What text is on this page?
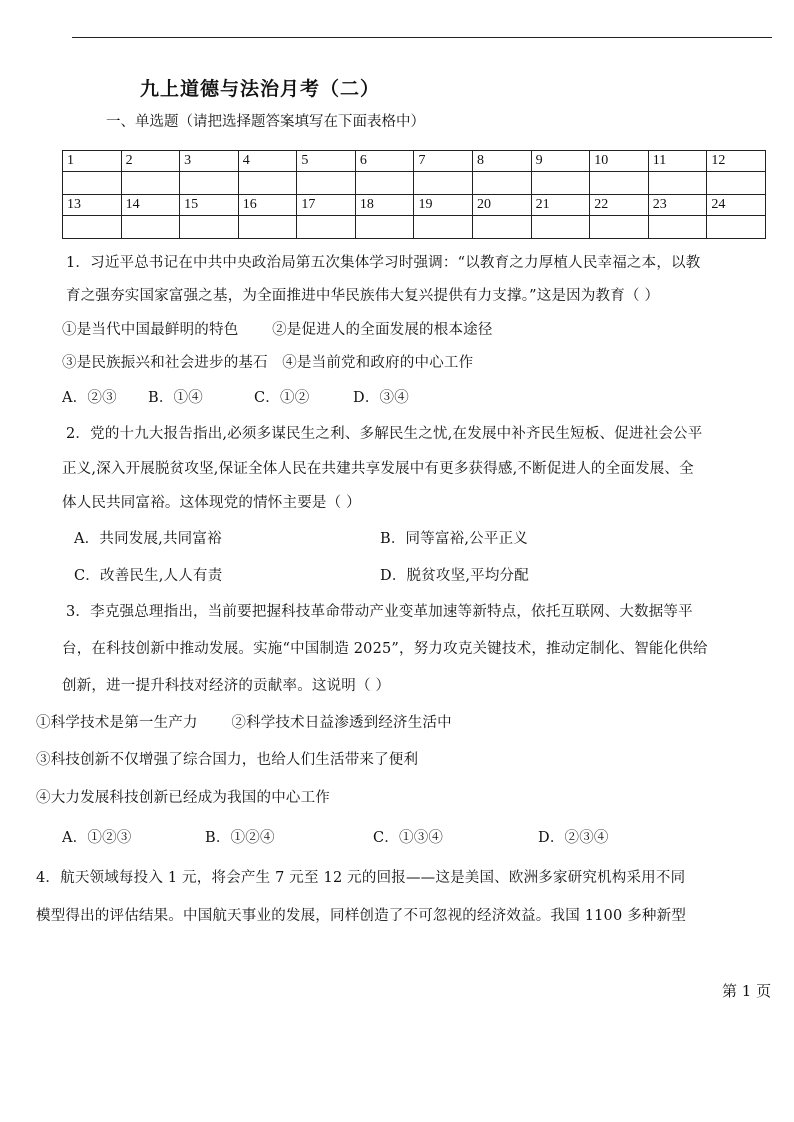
九上道德与法治月考（二）
一、单选题（请把选择题答案填写在下面表格中）
1	2	3	4	5	6	7	8	9	10	11	12

13	14	15	16	17	18	19	20	21	22	23	24

1．习近平总书记在中共中央政治局第五次集体学习时强调：“以教育之力厚植人民幸福之本，以教
育之强夯实国家富强之基，为全面推进中华民族伟大复兴提供有力支撑。”这是因为教育（ ）
①是当代中国最鲜明的特色       ②是促进人的全面发展的根本途径
③是民族振兴和社会进步的基石   ④是当前党和政府的中心工作
A．②③ B．①④	C．①②	D．③④
2．党的十九大报告指出,必须多谋民生之利、多解民生之忧,在发展中补齐民生短板、促进社会公平
正义,深入开展脱贫攻坚,保证全体人民在共建共享发展中有更多获得感,不断促进人的全面发展、全
体人民共同富裕。这体现党的情怀主要是（ ）
A．共同发展,共同富裕	B．同等富裕,公平正义
C．改善民生,人人有责	D．脱贫攻坚,平均分配
3．李克强总理指出，当前要把握科技革命带动产业变革加速等新特点，依托互联网、大数据等平
台，在科技创新中推动发展。实施“中国制造 2025”，努力攻克关键技术，推动定制化、智能化供给
创新，进一提升科技对经济的贡献率。这说明（ ）
①科学技术是第一生产力       ②科学技术日益渗透到经济生活中
③科技创新不仅增强了综合国力，也给人们生活带来了便利
④大力发展科技创新已经成为我国的中心工作
A．①②③	B．①②④	C．①③④	D．②③④
4．航天领域每投入 1 元，将会产生 7 元至 12 元的回报——这是美国、欧洲多家研究机构采用不同
模型得出的评估结果。中国航天事业的发展，同样创造了不可忽视的经济效益。我国 1100 多种新型
第 1 页
